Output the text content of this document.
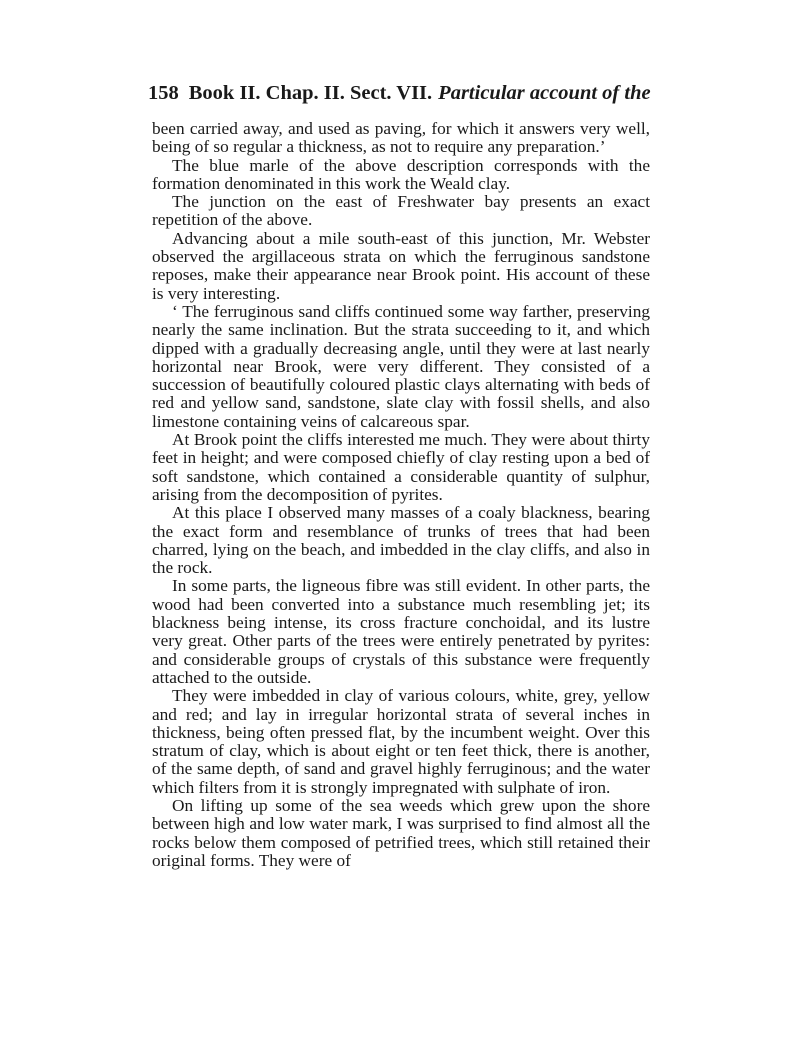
158 Book II. Chap. II. Sect. VII. Particular account of the

been carried away, and used as paving, for which it answers very well, being of so regular a thickness, as not to require any preparation.’

The blue marle of the above description corresponds with the formation denominated in this work the Weald clay.

The junction on the east of Freshwater bay presents an exact repetition of the above.

Advancing about a mile south-east of this junction, Mr. Webster observed the argillaceous strata on which the ferruginous sandstone reposes, make their appearance near Brook point. His account of these is very interesting.

‘ The ferruginous sand cliffs continued some way farther, preserving nearly the same inclination. But the strata succeeding to it, and which dipped with a gradually decreasing angle, until they were at last nearly horizontal near Brook, were very different. They consisted of a succession of beautifully coloured plastic clays alternating with beds of red and yellow sand, sandstone, slate clay with fossil shells, and also limestone containing veins of calcareous spar.

At Brook point the cliffs interested me much. They were about thirty feet in height; and were composed chiefly of clay resting upon a bed of soft sandstone, which contained a considerable quantity of sulphur, arising from the decomposition of pyrites.

At this place I observed many masses of a coaly blackness, bearing the exact form and resemblance of trunks of trees that had been charred, lying on the beach, and imbedded in the clay cliffs, and also in the rock.

In some parts, the ligneous fibre was still evident. In other parts, the wood had been converted into a substance much resembling jet; its blackness being intense, its cross fracture conchoidal, and its lustre very great. Other parts of the trees were entirely penetrated by pyrites: and considerable groups of crystals of this substance were frequently attached to the outside.

They were imbedded in clay of various colours, white, grey, yellow and red; and lay in irregular horizontal strata of several inches in thickness, being often pressed flat, by the incumbent weight. Over this stratum of clay, which is about eight or ten feet thick, there is another, of the same depth, of sand and gravel highly ferruginous; and the water which filters from it is strongly impregnated with sulphate of iron.

On lifting up some of the sea weeds which grew upon the shore between high and low water mark, I was surprised to find almost all the rocks below them composed of petrified trees, which still retained their original forms. They were of
